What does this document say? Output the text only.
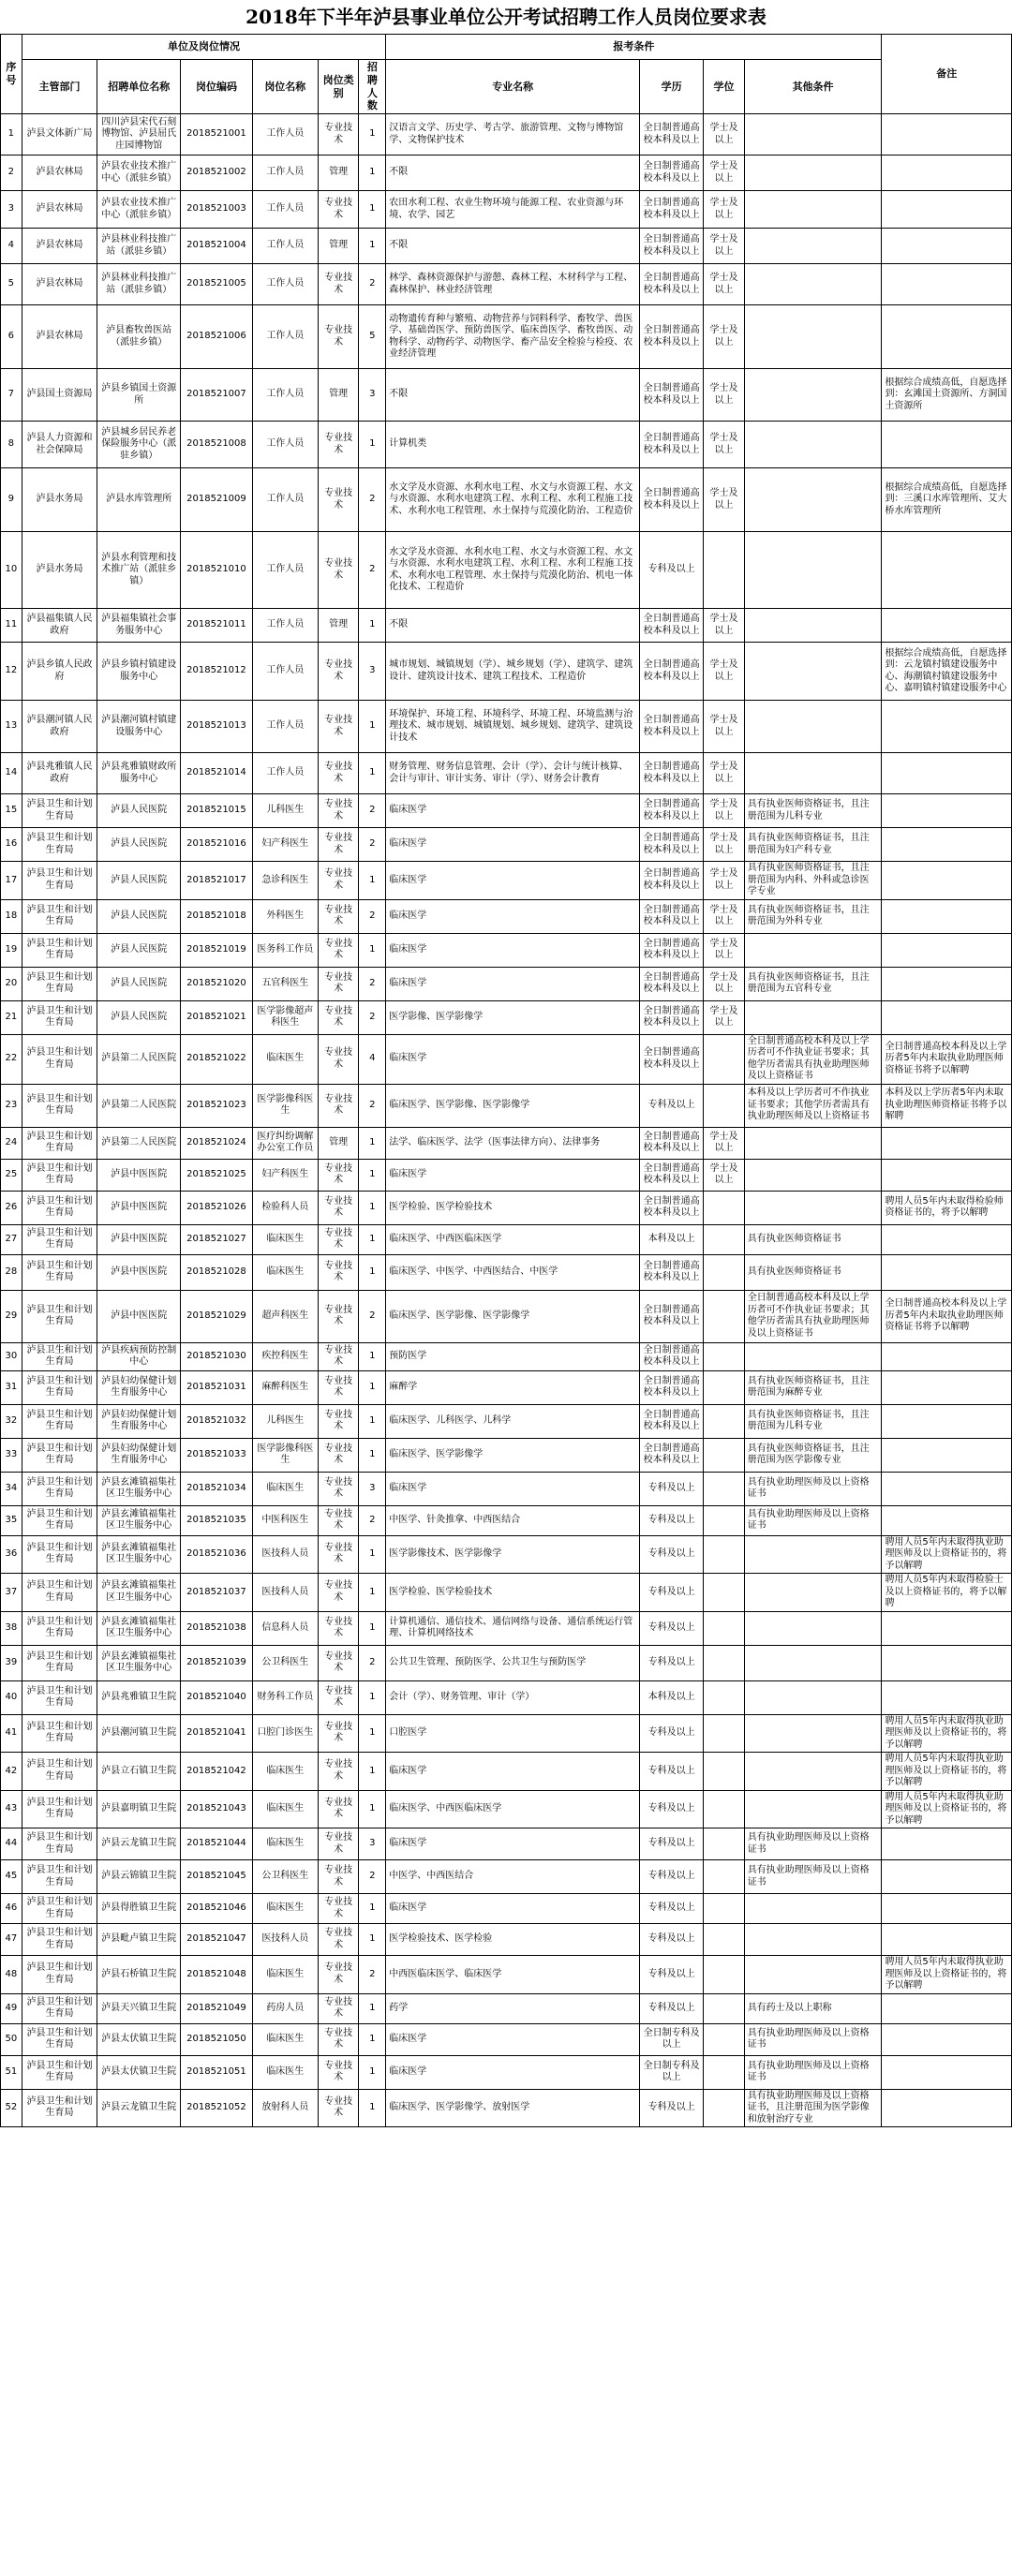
2018年下半年泸县事业单位公开考试招聘工作人员岗位要求表
序号	单位及岗位情况						报考条件				备注
	主管部门	招聘单位名称	岗位编码	岗位名称	岗位类别	招聘人数	专业名称	学历	学位	其他条件	
1	泸县文体新广局	四川泸县宋代石刻博物馆、泸县屈氏庄园博物馆	2018521001	工作人员	专业技术	1	汉语言文学、历史学、考古学、旅游管理、文物与博物馆学、文物保护技术	全日制普通高校本科及以上	学士及以上		
2	泸县农林局	泸县农业技术推广中心（派驻乡镇）	2018521002	工作人员	管理	1	不限	全日制普通高校本科及以上	学士及以上		
3	泸县农林局	泸县农业技术推广中心（派驻乡镇）	2018521003	工作人员	专业技术	1	农田水利工程、农业生物环境与能源工程、农业资源与环境、农学、园艺	全日制普通高校本科及以上	学士及以上		
4	泸县农林局	泸县林业科技推广站（派驻乡镇）	2018521004	工作人员	管理	1	不限	全日制普通高校本科及以上	学士及以上		
5	泸县农林局	泸县林业科技推广站（派驻乡镇）	2018521005	工作人员	专业技术	2	林学、森林资源保护与游憩、森林工程、木材科学与工程、森林保护、林业经济管理	全日制普通高校本科及以上	学士及以上		
6	泸县农林局	泸县畜牧兽医站（派驻乡镇）	2018521006	工作人员	专业技术	5	动物遗传育种与繁殖、动物营养与饲料科学、畜牧学、兽医学、基础兽医学、预防兽医学、临床兽医学、畜牧兽医、动物科学、动物药学、动物医学、畜产品安全检验与检疫、农业经济管理	全日制普通高校本科及以上	学士及以上		
7	泸县国土资源局	泸县乡镇国土资源所	2018521007	工作人员	管理	3	不限	全日制普通高校本科及以上	学士及以上		根据综合成绩高低，自愿选择到：玄滩国土资源所、方洞国土资源所
8	泸县人力资源和社会保障局	泸县城乡居民养老保险服务中心（派驻乡镇）	2018521008	工作人员	专业技术	1	计算机类	全日制普通高校本科及以上	学士及以上		
9	泸县水务局	泸县水库管理所	2018521009	工作人员	专业技术	2	水文学及水资源、水利水电工程、水文与水资源工程、水文与水资源、水利水电建筑工程、水利工程、水利工程施工技术、水利水电工程管理、水土保持与荒漠化防治、工程造价	全日制普通高校本科及以上	学士及以上		根据综合成绩高低，自愿选择到：三溪口水库管理所、艾大桥水库管理所
10	泸县水务局	泸县水利管理和技术推广站（派驻乡镇）	2018521010	工作人员	专业技术	2	水文学及水资源、水利水电工程、水文与水资源工程、水文与水资源、水利水电建筑工程、水利工程、水利工程施工技术、水利水电工程管理、水土保持与荒漠化防治、机电一体化技术、工程造价	专科及以上			
11	泸县福集镇人民政府	泸县福集镇社会事务服务中心	2018521011	工作人员	管理	1	不限	全日制普通高校本科及以上	学士及以上		
12	泸县乡镇人民政府	泸县乡镇村镇建设服务中心	2018521012	工作人员	专业技术	3	城市规划、城镇规划（学）、城乡规划（学）、建筑学、建筑设计、建筑设计技术、建筑工程技术、工程造价	全日制普通高校本科及以上	学士及以上		根据综合成绩高低，自愿选择到：云龙镇村镇建设服务中心、海潮镇村镇建设服务中心、嘉明镇村镇建设服务中心
13	泸县潮河镇人民政府	泸县潮河镇村镇建设服务中心	2018521013	工作人员	专业技术	1	环境保护、环境工程、环境科学、环境工程、环境监测与治理技术、城市规划、城镇规划、城乡规划、建筑学、建筑设计技术	全日制普通高校本科及以上	学士及以上		
14	泸县兆雅镇人民政府	泸县兆雅镇财政所服务中心	2018521014	工作人员	专业技术	1	财务管理、财务信息管理、会计（学）、会计与统计核算、会计与审计、审计实务、审计（学）、财务会计教育	全日制普通高校本科及以上	学士及以上		
15	泸县卫生和计划生育局	泸县人民医院	2018521015	儿科医生	专业技术	2	临床医学	全日制普通高校本科及以上	学士及以上	具有执业医师资格证书，且注册范围为儿科专业	
16	泸县卫生和计划生育局	泸县人民医院	2018521016	妇产科医生	专业技术	2	临床医学	全日制普通高校本科及以上	学士及以上	具有执业医师资格证书，且注册范围为妇产科专业	
17	泸县卫生和计划生育局	泸县人民医院	2018521017	急诊科医生	专业技术	1	临床医学	全日制普通高校本科及以上	学士及以上	具有执业医师资格证书，且注册范围为内科、外科或急诊医学专业	
18	泸县卫生和计划生育局	泸县人民医院	2018521018	外科医生	专业技术	2	临床医学	全日制普通高校本科及以上	学士及以上	具有执业医师资格证书，且注册范围为外科专业	
19	泸县卫生和计划生育局	泸县人民医院	2018521019	医务科工作员	专业技术	1	临床医学	全日制普通高校本科及以上	学士及以上		
20	泸县卫生和计划生育局	泸县人民医院	2018521020	五官科医生	专业技术	2	临床医学	全日制普通高校本科及以上	学士及以上	具有执业医师资格证书，且注册范围为五官科专业	
21	泸县卫生和计划生育局	泸县人民医院	2018521021	医学影像超声科医生	专业技术	2	医学影像、医学影像学	全日制普通高校本科及以上	学士及以上		
22	泸县卫生和计划生育局	泸县第二人民医院	2018521022	临床医生	专业技术	4	临床医学	全日制普通高校本科及以上		全日制普通高校本科及以上学历者可不作执业证书要求；其他学历者需具有执业助理医师及以上资格证书	全日制普通高校本科及以上学历者5年内未取执业助理医师资格证书将予以解聘
23	泸县卫生和计划生育局	泸县第二人民医院	2018521023	医学影像科医生	专业技术	2	临床医学、医学影像、医学影像学	专科及以上		本科及以上学历者可不作执业证书要求；其他学历者需具有执业助理医师及以上资格证书	本科及以上学历者5年内未取执业助理医师资格证书将予以解聘
24	泸县卫生和计划生育局	泸县第二人民医院	2018521024	医疗纠纷调解办公室工作员	管理	1	法学、临床医学、法学（医事法律方向）、法律事务	全日制普通高校本科及以上	学士及以上		
25	泸县卫生和计划生育局	泸县中医医院	2018521025	妇产科医生	专业技术	1	临床医学	全日制普通高校本科及以上	学士及以上		
26	泸县卫生和计划生育局	泸县中医医院	2018521026	检验科人员	专业技术	1	医学检验、医学检验技术	全日制普通高校本科及以上			聘用人员5年内未取得检验师资格证书的，将予以解聘
27	泸县卫生和计划生育局	泸县中医医院	2018521027	临床医生	专业技术	1	临床医学、中西医临床医学	本科及以上		具有执业医师资格证书	
28	泸县卫生和计划生育局	泸县中医医院	2018521028	临床医生	专业技术	1	临床医学、中医学、中西医结合、中医学	全日制普通高校本科及以上		具有执业医师资格证书	
29	泸县卫生和计划生育局	泸县中医医院	2018521029	超声科医生	专业技术	2	临床医学、医学影像、医学影像学	全日制普通高校本科及以上		全日制普通高校本科及以上学历者可不作执业证书要求；其他学历者需具有执业助理医师及以上资格证书	全日制普通高校本科及以上学历者5年内未取执业助理医师资格证书将予以解聘
30	泸县卫生和计划生育局	泸县疾病预防控制中心	2018521030	疾控科医生	专业技术	1	预防医学	全日制普通高校本科及以上			
31	泸县卫生和计划生育局	泸县妇幼保健计划生育服务中心	2018521031	麻醉科医生	专业技术	1	麻醉学	全日制普通高校本科及以上		具有执业医师资格证书，且注册范围为麻醉专业	
32	泸县卫生和计划生育局	泸县妇幼保健计划生育服务中心	2018521032	儿科医生	专业技术	1	临床医学、儿科医学、儿科学	全日制普通高校本科及以上		具有执业医师资格证书，且注册范围为儿科专业	
33	泸县卫生和计划生育局	泸县妇幼保健计划生育服务中心	2018521033	医学影像科医生	专业技术	1	临床医学、医学影像学	全日制普通高校本科及以上		具有执业医师资格证书，且注册范围为医学影像专业	
34	泸县卫生和计划生育局	泸县玄滩镇福集社区卫生服务中心	2018521034	临床医生	专业技术	3	临床医学	专科及以上		具有执业助理医师及以上资格证书	
35	泸县卫生和计划生育局	泸县玄滩镇福集社区卫生服务中心	2018521035	中医科医生	专业技术	2	中医学、针灸推拿、中西医结合	专科及以上		具有执业助理医师及以上资格证书	
36	泸县卫生和计划生育局	泸县玄滩镇福集社区卫生服务中心	2018521036	医技科人员	专业技术	1	医学影像技术、医学影像学	专科及以上			聘用人员5年内未取得执业助理医师及以上资格证书的，将予以解聘
37	泸县卫生和计划生育局	泸县玄滩镇福集社区卫生服务中心	2018521037	医技科人员	专业技术	1	医学检验、医学检验技术	专科及以上			聘用人员5年内未取得检验士及以上资格证书的，将予以解聘
38	泸县卫生和计划生育局	泸县玄滩镇福集社区卫生服务中心	2018521038	信息科人员	专业技术	1	计算机通信、通信技术、通信网络与设备、通信系统运行管理、计算机网络技术	专科及以上			
39	泸县卫生和计划生育局	泸县玄滩镇福集社区卫生服务中心	2018521039	公卫科医生	专业技术	2	公共卫生管理、预防医学、公共卫生与预防医学	专科及以上			
40	泸县卫生和计划生育局	泸县兆雅镇卫生院	2018521040	财务科工作员	专业技术	1	会计（学）、财务管理、审计（学）	本科及以上			
41	泸县卫生和计划生育局	泸县潮河镇卫生院	2018521041	口腔门诊医生	专业技术	1	口腔医学	专科及以上			聘用人员5年内未取得执业助理医师及以上资格证书的，将予以解聘
42	泸县卫生和计划生育局	泸县立石镇卫生院	2018521042	临床医生	专业技术	1	临床医学	专科及以上			聘用人员5年内未取得执业助理医师及以上资格证书的，将予以解聘
43	泸县卫生和计划生育局	泸县嘉明镇卫生院	2018521043	临床医生	专业技术	1	临床医学、中西医临床医学	专科及以上			聘用人员5年内未取得执业助理医师及以上资格证书的，将予以解聘
44	泸县卫生和计划生育局	泸县云龙镇卫生院	2018521044	临床医生	专业技术	3	临床医学	专科及以上		具有执业助理医师及以上资格证书	
45	泸县卫生和计划生育局	泸县云锦镇卫生院	2018521045	公卫科医生	专业技术	2	中医学、中西医结合	专科及以上		具有执业助理医师及以上资格证书	
46	泸县卫生和计划生育局	泸县得胜镇卫生院	2018521046	临床医生	专业技术	1	临床医学	专科及以上			
47	泸县卫生和计划生育局	泸县毗卢镇卫生院	2018521047	医技科人员	专业技术	1	医学检验技术、医学检验	专科及以上			
48	泸县卫生和计划生育局	泸县石桥镇卫生院	2018521048	临床医生	专业技术	2	中西医临床医学、临床医学	专科及以上			聘用人员5年内未取得执业助理医师及以上资格证书的，将予以解聘
49	泸县卫生和计划生育局	泸县天兴镇卫生院	2018521049	药房人员	专业技术	1	药学	专科及以上		具有药士及以上职称	
50	泸县卫生和计划生育局	泸县太伏镇卫生院	2018521050	临床医生	专业技术	1	临床医学	全日制专科及以上		具有执业助理医师及以上资格证书	
51	泸县卫生和计划生育局	泸县太伏镇卫生院	2018521051	临床医生	专业技术	1	临床医学	全日制专科及以上		具有执业助理医师及以上资格证书	
52	泸县卫生和计划生育局	泸县云龙镇卫生院	2018521052	放射科人员	专业技术	1	临床医学、医学影像学、放射医学	专科及以上		具有执业助理医师及以上资格证书，且注册范围为医学影像和放射治疗专业	
